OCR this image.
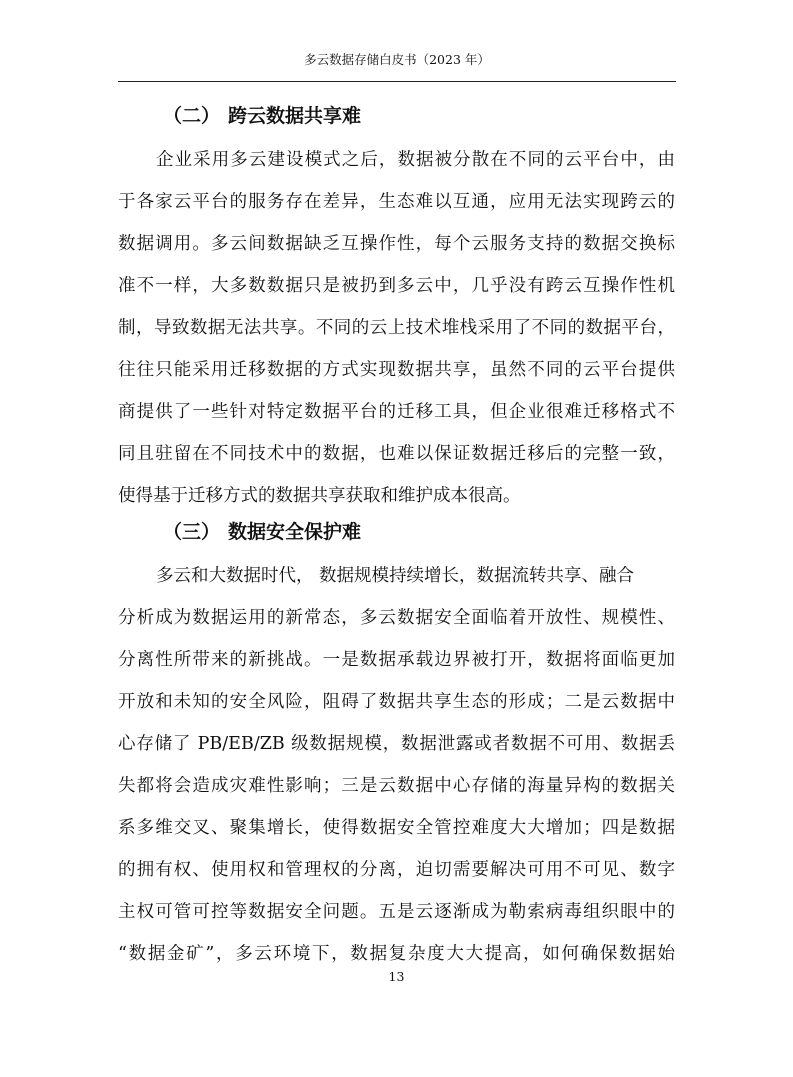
多云数据存储白皮书（2023 年）
（二） 跨云数据共享难
企业采用多云建设模式之后，数据被分散在不同的云平台中，由
于各家云平台的服务存在差异，生态难以互通，应用无法实现跨云的
数据调用。多云间数据缺乏互操作性，每个云服务支持的数据交换标
准不一样，大多数数据只是被扔到多云中，几乎没有跨云互操作性机
制，导致数据无法共享。不同的云上技术堆栈采用了不同的数据平台，
往往只能采用迁移数据的方式实现数据共享，虽然不同的云平台提供
商提供了一些针对特定数据平台的迁移工具，但企业很难迁移格式不
同且驻留在不同技术中的数据，也难以保证数据迁移后的完整一致，
使得基于迁移方式的数据共享获取和维护成本很高。
（三） 数据安全保护难
多云和大数据时代， 数据规模持续增长，数据流转共享、融合
分析成为数据运用的新常态，多云数据安全面临着开放性、规模性、
分离性所带来的新挑战。一是数据承载边界被打开，数据将面临更加
开放和未知的安全风险，阻碍了数据共享生态的形成；二是云数据中
心存储了 PB/EB/ZB 级数据规模，数据泄露或者数据不可用、数据丢
失都将会造成灾难性影响；三是云数据中心存储的海量异构的数据关
系多维交叉、聚集增长，使得数据安全管控难度大大增加；四是数据
的拥有权、使用权和管理权的分离，迫切需要解决可用不可见、数字
主权可管可控等数据安全问题。五是云逐渐成为勒索病毒组织眼中的
“数据金矿”，多云环境下，数据复杂度大大提高，如何确保数据始
13
